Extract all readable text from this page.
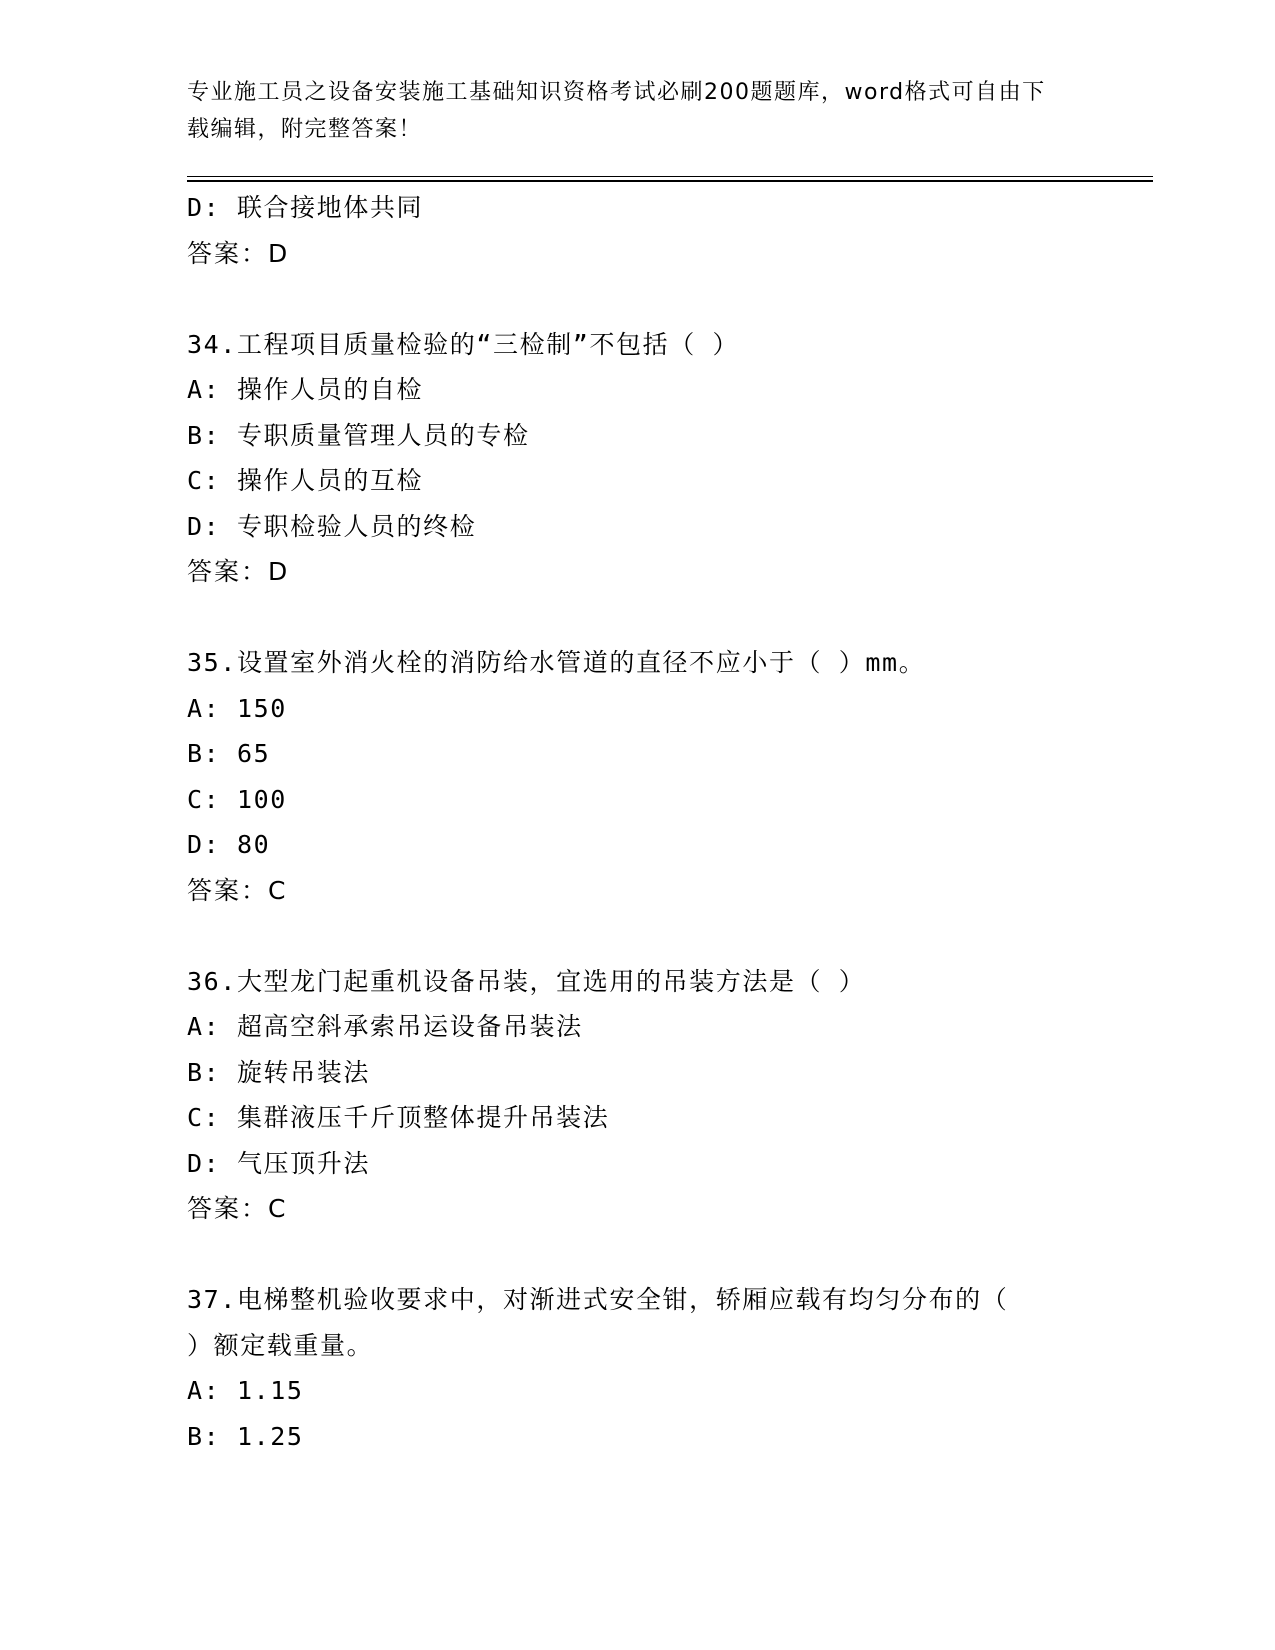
专业施工员之设备安装施工基础知识资格考试必刷200题题库，word格式可自由下载编辑，附完整答案！
D: 联合接地体共同
答案：D
34.工程项目质量检验的“三检制”不包括（ ）
A: 操作人员的自检
B: 专职质量管理人员的专检
C: 操作人员的互检
D: 专职检验人员的终检
答案：D
35.设置室外消火栓的消防给水管道的直径不应小于（ ）mm。
A: 150
B: 65
C: 100
D: 80
答案：C
36.大型龙门起重机设备吊装，宜选用的吊装方法是（ ）
A: 超高空斜承索吊运设备吊装法
B: 旋转吊装法
C: 集群液压千斤顶整体提升吊装法
D: 气压顶升法
答案：C
37.电梯整机验收要求中，对渐进式安全钳，轿厢应载有均匀分布的（
）额定载重量。
A: 1.15
B: 1.25
